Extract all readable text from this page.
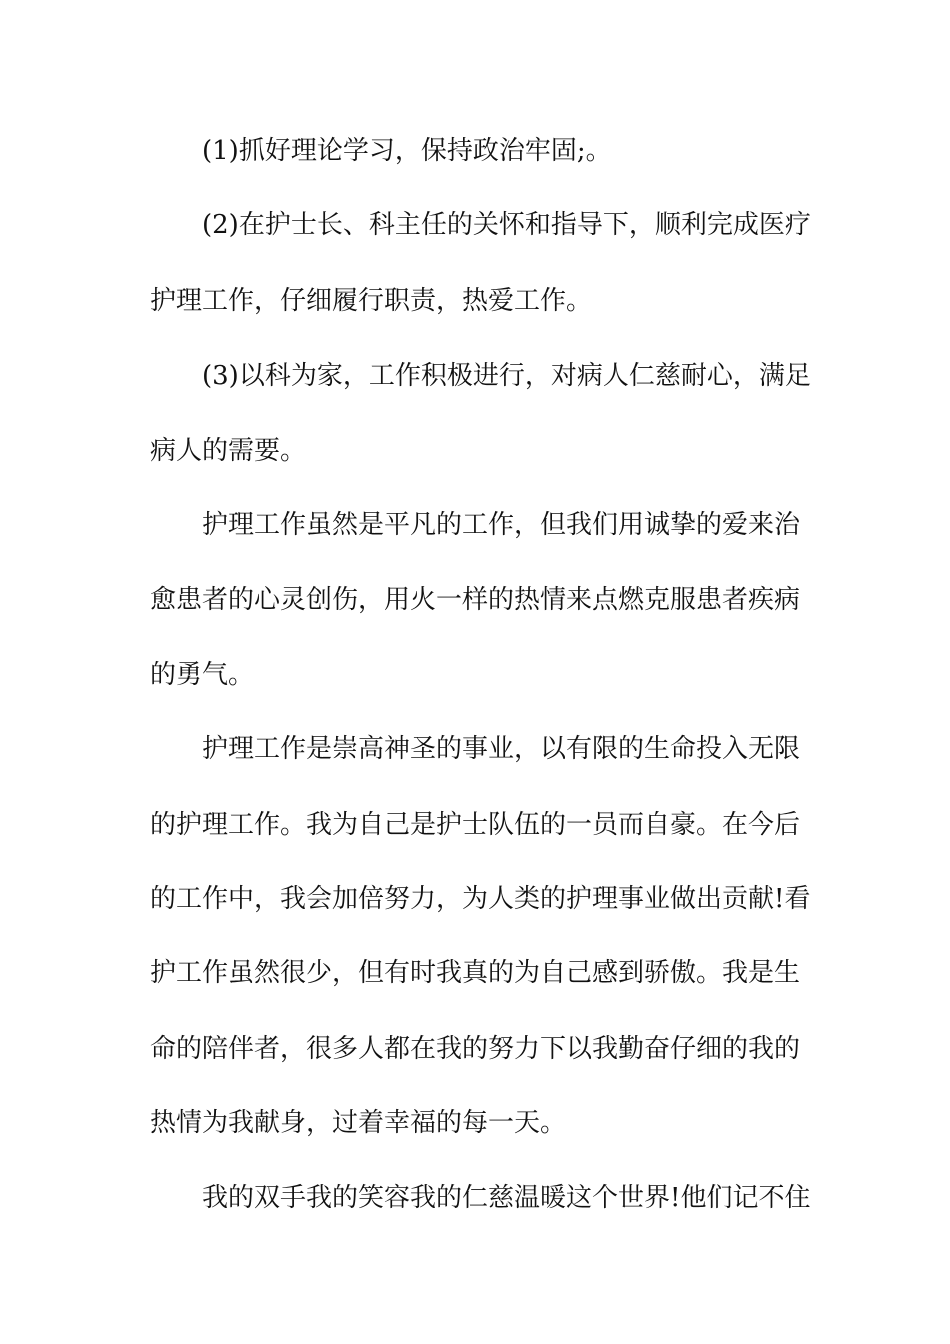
(1)抓好理论学习，保持政治牢固;。
(2)在护士长、科主任的关怀和指导下，顺利完成医疗
护理工作，仔细履行职责，热爱工作。
(3)以科为家，工作积极进行，对病人仁慈耐心，满足
病人的需要。
护理工作虽然是平凡的工作，但我们用诚挚的爱来治
愈患者的心灵创伤，用火一样的热情来点燃克服患者疾病
的勇气。
护理工作是崇高神圣的事业，以有限的生命投入无限
的护理工作。我为自己是护士队伍的一员而自豪。在今后
的工作中，我会加倍努力，为人类的护理事业做出贡献!看
护工作虽然很少，但有时我真的为自己感到骄傲。我是生
命的陪伴者，很多人都在我的努力下以我勤奋仔细的我的
热情为我献身，过着幸福的每一天。
我的双手我的笑容我的仁慈温暖这个世界!他们记不住
